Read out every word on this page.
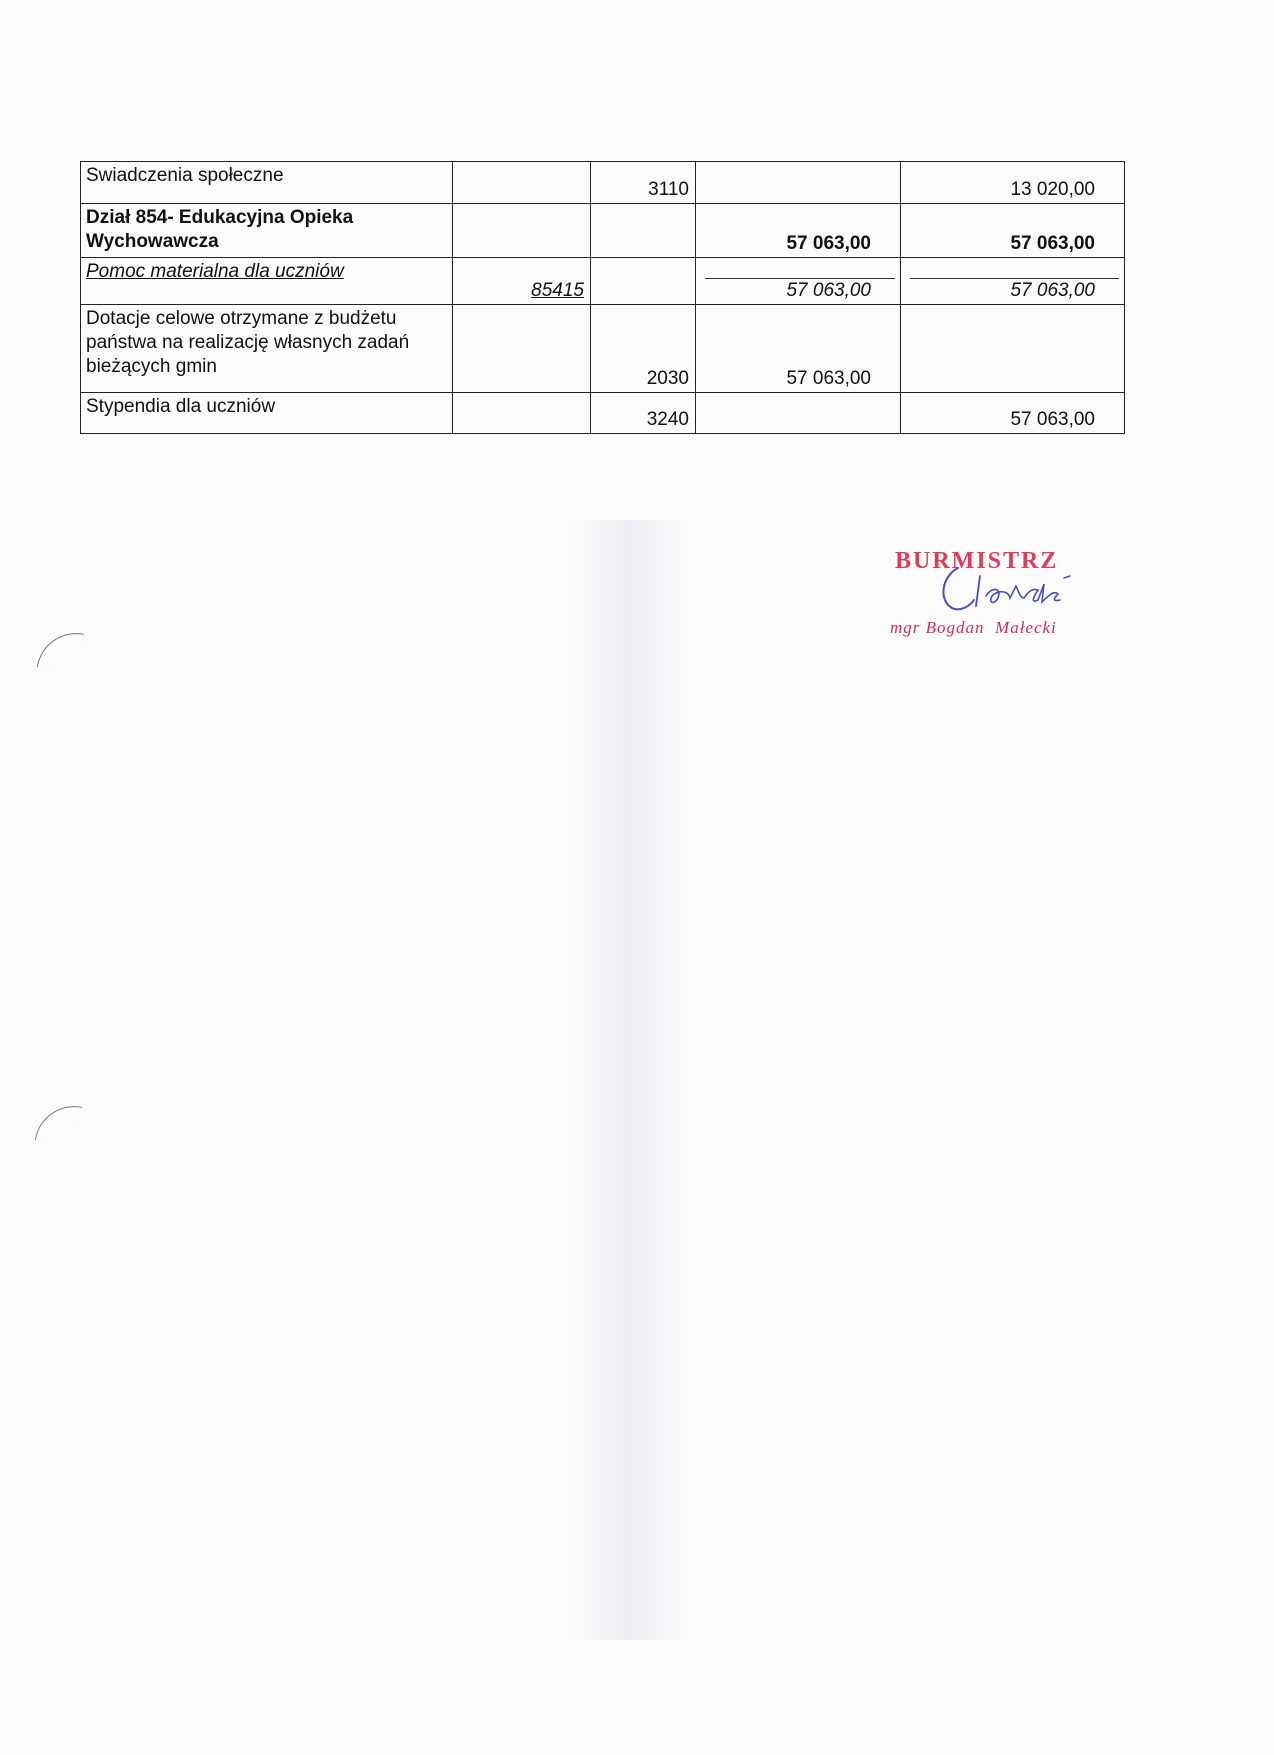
Swiadczenia społeczne		3110		13 020,00
Dział 854- Edukacyjna Opieka Wychowawcza			57 063,00	57 063,00
Pomoc materialna dla uczniów	85415		57 063,00	57 063,00

Dotacje celowe otrzymane z budżetu państwa na realizację własnych zadań bieżących gmin		2030	57 063,00	
Stypendia dla uczniów		3240		57 063,00
BURMISTRZ
mgr Bogdan  Małecki
